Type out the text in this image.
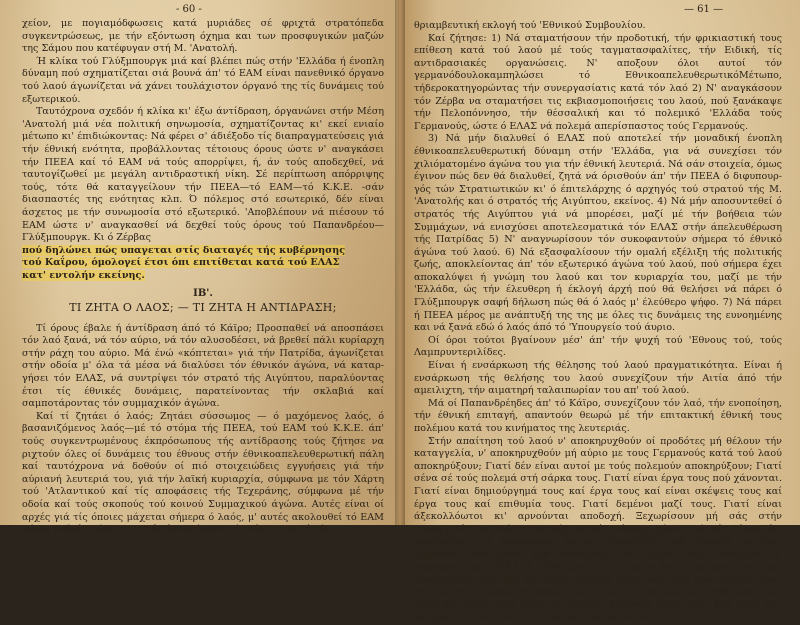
- 60 -

χείον, με πογιαμόδφωσεις κατά μυριάδες σέ φριχτά στρατόπεδα συγκεντρώσεως, με τήν εξόντωση όχημα και των προσφυγικών μαζών της Σάμου που κατέφυγαν στή Μ. 'Ανατολή.

Ή κλίκα τού Γλύξμπουργκ μιά καί βλέπει πώς στήν 'Ελλάδα ή ένοπλη δύναμη πού σχηματίζεται σιά βουνά άπ' τό ΕΑΜ είναι πανεθνικό όργανο τού λαού άγωνίζεται νά χάνει τουλάχιστον όργανό της τίς δυνάμεις τού εξωτερικού.

Ταυτόχρονα σχεδόν ή κλίκα κι' έξω άντίδραση, όργανώνει στήν Μέση 'Ανατολή μιά νέα πολιτική σηνωμοσία, σχηματίζοντας κι' εκεί ενιαίο μέτωπο κι' έπιδιώκοντας: Νά φέρει σ' άδιέξοδο τίς διαπραγματεύσεις γιά τήν έθνική ενότητα, προβάλλοντας τέτοιους όρους ώστε ν' αναγκάσει τήν ΠΕΕΑ καί τό ΕΑΜ νά τούς απορρίψει, ή, άν τούς αποδεχθεί, νά ταυτογίζωθεί με μεγάλη αντιδραστική νίκη. Σέ περίπτωση απόρριψης τούς, τότε θά καταγγείλουν τήν ΠΕΕΑ—τό ΕΑΜ—τό Κ.Κ.Ε. -σάν διασπαστές της ενότητας κλπ. Ό πόλεμος στό εσωτερικό, δέν είναι άσχετος με τήν συνωμοσία στό εξωτερικό. 'Αποβλέπουν νά πιέσουν τό ΕΑΜ ώστε ν' αναγκασθεί νά δεχθεί τούς όρους τού Παπανδρέου—Γλύξμπουργκ. Κι ό Ζέρβας

πού δηλώνει πώς υπαγεται στίς διαταγές τής κυβέρνησης
τού Καΐρου, όμολογεί έτσι όπι επιτίθεται κατά τού ΕΛΑΣ
κατ' εντολήν εκείνης.

ΙΒ'.
ΤΙ ΖΗΤΑ Ο ΛΑΟΣ; — ΤΙ ΖΗΤΑ Η ΑΝΤΙΔΡΑΣΗ;

Τί όρους έβαλε ή άντίδραση άπό τό Κάϊρο; Προσπαθεί νά αποσπάσει τόν λαό ξανά, νά τόν αύριο, νά τόν αλυσοδέσει, νά βρεθεί πάλι κυρίαρχη στήν ράχη του αύριο. Μά ένώ «κόπτεται» γιά τήν Πατρίδα, άγωνίζεται στήν οδοία μ' όλα τά μέσα νά διαλύσει τόν έθνικόν άγώνα, νά καταργήσει τόν ΕΛΑΣ, νά συντρίψει τόν στρατό τής Αιγύπτου, παραλύοντας έτσι τίς έθνικές δυνάμεις, παρατείνοντας τήν σκλαβιά καί σαμποτάροντας τόν συμμαχικόν άγώνα.

Καί τί ζητάει ό λαός; Ζητάει σύσσωμος — ό μαχόμενος λαός, ό βασανιζόμενος λαός—μέ τό στόμα τής ΠΕΕΑ, τού ΕΑΜ τού Κ.Κ.Ε. άπ' τούς συγκεντρωμένους έκπρόσωπους τής αντίδρασης τούς ζήτησε να ριχτούν όλες οί δυνάμεις του έθνους στήν έθνικοαπελευθερωτική πάλη καί ταυτόχρονα νά δοθούν οί πιό στοιχειώδεις εγγυήσεις γιά τήν αύριανή λευτεριά του, γιά τήν λαϊκή κυριαρχία, σύμφωνα με τόν Χάρτη τού 'Ατλαντικού καί τίς αποφάσεις τής Τεχεράνης, σύμφωνα μέ τήν οδοία καί τούς σκοπούς τού κοινού Συμμαχικού άγώνα. Αυτές είναι οί αρχές γιά τίς όποιες μάχεται σήμερα ό λαός, μ' αυτές ακολουθεί τό ΕΑΜ τώρα, πούμία τώρα, μ' αυτές όλοκλήρωσε τήν πίστη του μέ τήν

— 61 —

θριαμβευτική εκλογή τού 'Εθνικού Συμβουλίου.

Καί ζήτησε: 1) Νά σταματήσουν τήν προδοτική, τήν φρικιαστική τους επίθεση κατά τού λαού μέ τούς ταγματασφαλίτες, τήν Ειδική, τίς αντιδρασιακές οργανώσεις. Ν' αποξουν όλοι αυτοί τόν γερμανόδουλοκαμπηλώσει τό ΕθνικοαπελευθερωτικόΜέτωπο, τήδεροκατηγορώντας τήν συνεργασίατις κατά τόν λαό 2) Ν' αναγκάσουν τόν Ζέρβα να σταματήσει τις εκβιασμοποιήσεις του λαού, πού ξανάκαψε τήν Πελοπόννησο, τήν θέσσαλική και τό πολεμικό 'Ελλάδα τούς Γερμανούς, ώστε ό ΕΛΑΣ νά πολεμά απερίσπαστος τούς Γερμανούς.

3) Νά μήν διαλυθεί ό ΕΛΑΣ πού αποτελεί τήν μοναδική ένοπλη έθνικοαπελευθερωτική δύναμη στήν 'Ελλάδα, για νά συνεχίσει τόν χιλιόματομένο άγώνα του για τήν έθνική λευτεριά. Νά σάν στοιχεία, όμως έγινον πώς δεν θά διαλυθεί, ζητά νά όρισθούν άπ' τήν ΠΕΕΑ ό διφυπουργός τών Στρατιωτικών κι' ό έπιτελάρχης ό αρχηγός τού στρατού τής Μ. 'Ανατολής και ό στρατός τής Αιγύπτου, εκείνος. 4) Νά μήν αποσυντεθεί ό στρατός τής Αιγύπτου γιά νά μπορέσει, μαζί μέ τήν βοήθεια τών Συμμάχων, νά ενισχύσει αποτελεσματικά τόν ΕΛΑΣ στήν άπελευθέρωση τής Πατρίδας 5) Ν' αναγνωρίσουν τόν συκοφαντούν σήμερα τό έθνικό άγώνα τού λαού. 6) Νά εξασφαλίσουν τήν ομαλή εξέλιξη τής πολιτικής ζωής, αποκλείοντας άπ' τόν εξωτερικό άγώνα τού λαού, πού σήμερα έχει αποκαλύψει ή γνώμη του λαού και τον κυριαρχία του, μαζί με τήν 'Ελλάδα, ώς τήν έλευθερη ή έκλογή άρχή πού θά θελήσει νά πάρει ό Γλύξμπουργκ σαφή δήλωση πώς θά ό λαός μ' έλεύθερο ψήφο. 7) Νά πάρει ή ΠΕΕΑ μέρος με ανάπτυξή της της με όλες τις δυνάμεις της ευνοημένης και νά ξανά εδώ ό λαός άπό τό 'Υπουργείο τού άυριο.

Οί όροι τούτοι βγαίνουν μέσ' άπ' τήν ψυχή τού 'Εθνους τού, τούς Λαμπρυντεριλίδες.

Είναι ή ενσάρκωση τής θέλησης τού λαού πραγματικότητα. Είναι ή ενσάρκωση τής θελήσης του λαού συνεχίζουν τήν Αιτία άπό τήν αμειλιχτη, τήν αιματηρή ταλαιπωρίαν του απ' τού λαού.

Μά οί Παπανδρέηδες άπ' τό Κάϊρο, συνεχίζουν τόν λαό, τήν ενοποίηση, τήν έθνική επιταγή, απαντούν θεωρώ μέ τήν επιτακτική έθνική τους πολέμου κατά του κινήματος της λευτεριάς.

Στήν απαίτηση τού λαού ν' αποκηρυχθούν οί προδότες μή θέλουν τήν καταγγελία, ν' αποκηρυχθούν μή αύριο με τους Γερμανούς κατά τού λαού αποκηρύξουν; Γιατί δέν είναι αυτοί με τούς πολεμούν αποκηρύξουν; Γιατί σένα σέ τούς πολεμά στή σάρκα τους. Γιατί είναι έργα τους πού χάνονται. Γιατί είναι δημιούργημά τους καί έργα τους καί είναι σκέψεις τους καί έργα τους καί επιθυμία τους. Γιατί δεμένοι μαζί τους. Γιατί είναι άξεκολλόωτοι κι' αρνούνται αποδοχή. Ξεχωρίσουν μή σάς στήν προαγγελία με τούς ισπανούς αυτοί. Πόσους μήνες, μά δέν είπαν ότι αποχώρησε, με κάμποσους αυτούς τουρκιστές, μή άρνηση να τους τιμώσουν. Καί αυτοί τήν 'Ασφάλεια, τήν Ειδική, τήν 'Ασφάλεια, οί συμμορίες τού ΕΔΕΣ, Χ, ΡΑΝ κλπ. Γιατί τούτα δεν είναι έργα τους καί συνεργάτες τους; Καί άπ' όλους τούτους τούς λαού, πού τούς καταπνίγουν στην ψυχή τού λαού τήν σκέψη του γι' αύτό τό κάποιο λαό στάθμευση. Καί γιατί δέν έκαν αυτό ώμως κι αυτό με κάμποσο έργο τους; Καί γιατί δέν έκστρατεία από τόν ΕΛΑΣ πού θά λέξη κατά τόν
